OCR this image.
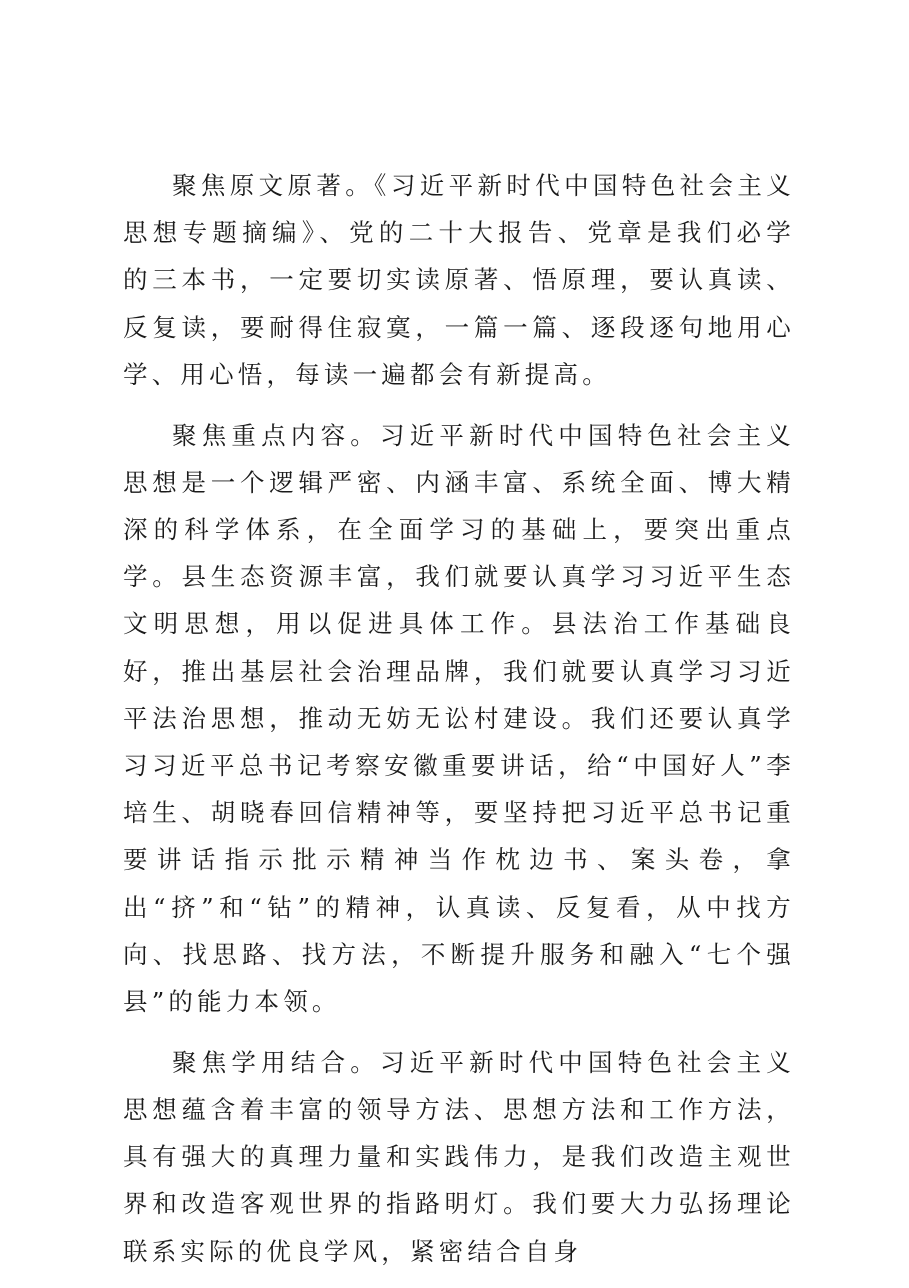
聚焦原文原著。《习近平新时代中国特色社会主义思想专题摘编》、党的二十大报告、党章是我们必学的三本书，一定要切实读原著、悟原理，要认真读、反复读，要耐得住寂寞，一篇一篇、逐段逐句地用心学、用心悟，每读一遍都会有新提高。

聚焦重点内容。习近平新时代中国特色社会主义思想是一个逻辑严密、内涵丰富、系统全面、博大精深的科学体系，在全面学习的基础上，要突出重点学。县生态资源丰富，我们就要认真学习习近平生态文明思想，用以促进具体工作。县法治工作基础良好，推出基层社会治理品牌，我们就要认真学习习近平法治思想，推动无妨无讼村建设。我们还要认真学习习近平总书记考察安徽重要讲话，给“中国好人”李培生、胡晓春回信精神等，要坚持把习近平总书记重要讲话指示批示精神当作枕边书、案头卷，拿出“挤”和“钻”的精神，认真读、反复看，从中找方向、找思路、找方法，不断提升服务和融入“七个强县”的能力本领。

聚焦学用结合。习近平新时代中国特色社会主义思想蕴含着丰富的领导方法、思想方法和工作方法，具有强大的真理力量和实践伟力，是我们改造主观世界和改造客观世界的指路明灯。我们要大力弘扬理论联系实际的优良学风，紧密结合自身
